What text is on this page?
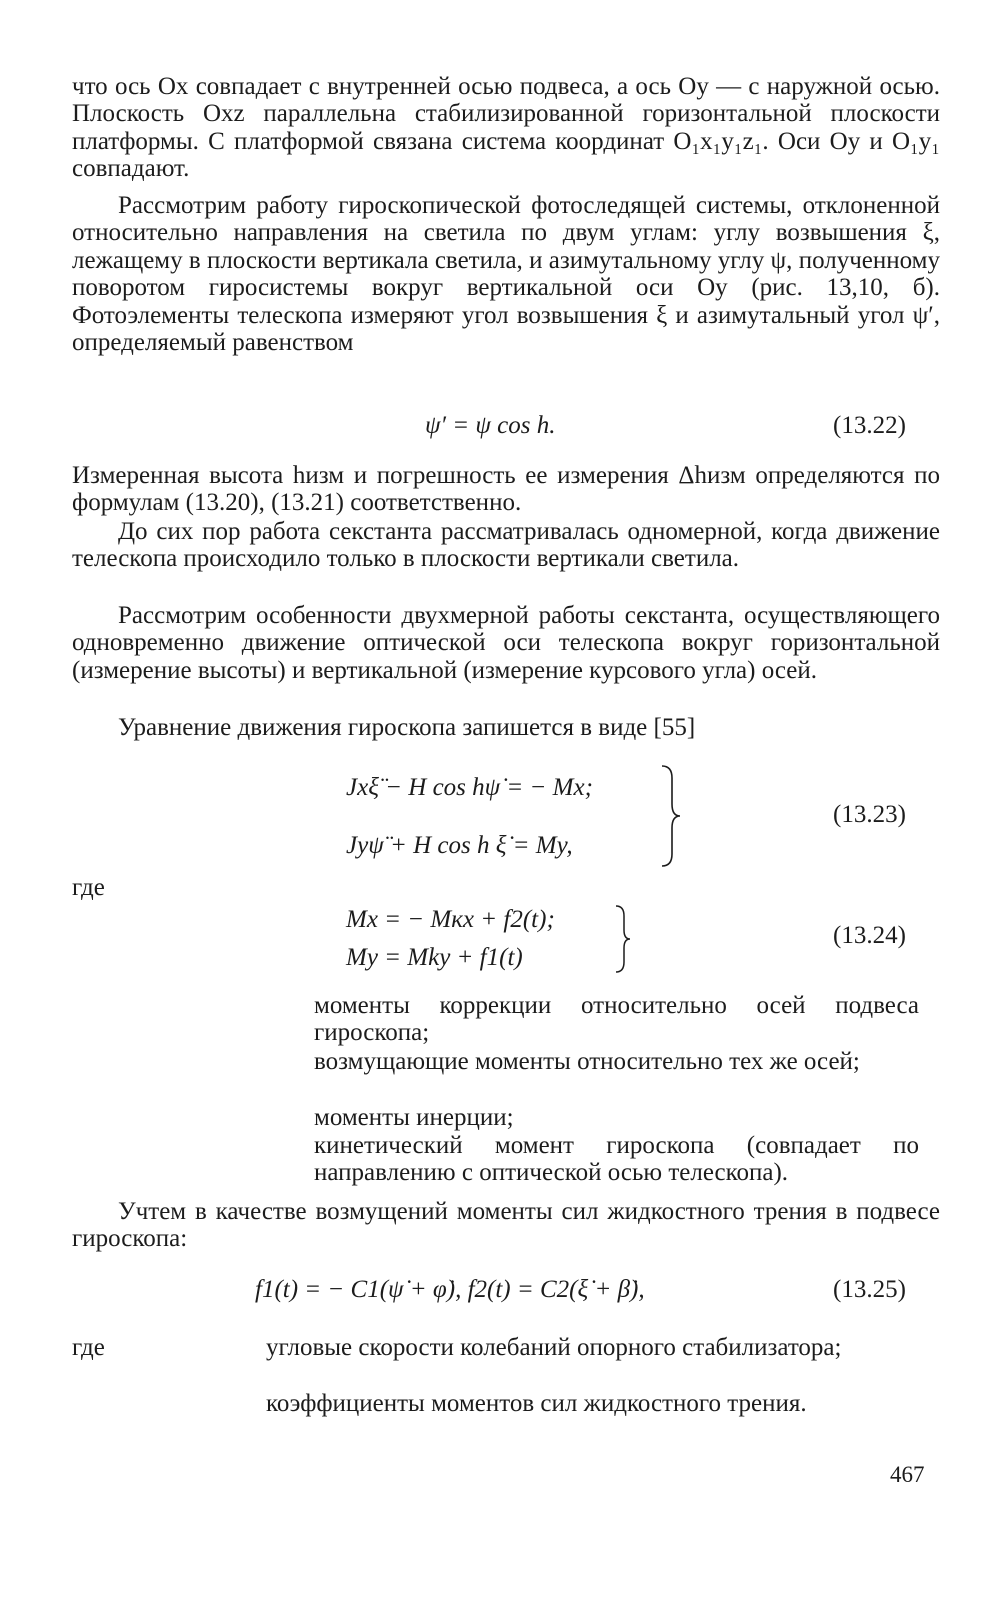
что ось Ox совпадает с внутренней осью подвеса, а ось Oy — с наружной осью. Плоскость Oxz параллельна стабилизированной горизонтальной плоскости платформы. С платформой связана система координат O₁x₁y₁z₁. Оси Oy и O₁y₁ совпадают.

Рассмотрим работу гироскопической фотоследящей системы, отклоненной относительно направления на светила по двум углам: углу возвышения ξ, лежащему в плоскости вертикала светила, и азимутальному углу ψ, полученному поворотом гиросистемы вокруг вертикальной оси Oy (рис. 13,10, б). Фотоэлементы телескопа измеряют угол возвышения ξ и азимутальный угол ψ′, определяемый равенством

ψ′ = ψ cos h.	(13.22)

Измеренная высота hизм и погрешность ее измерения Δhизм определяются по формулам (13.20), (13.21) соответственно.

До сих пор работа секстанта рассматривалась одномерной, когда движение телескопа происходило только в плоскости вертикали светила.

Рассмотрим особенности двухмерной работы секстанта, осуществляющего одновременно движение оптической оси телескопа вокруг горизонтальной (измерение высоты) и вертикальной (измерение курсового угла) осей.

Уравнение движения гироскопа запишется в виде [55]

Jxξ̈ − H cos hψ̇ = − Mx;
Jyψ̈ + H cos h ξ̇ = My,
(13.23)
где
Mx = − Mкx + f2(t);
My = Mky + f1(t)
(13.24)
моменты коррекции относительно осей подвеса гироскопа;
возмущающие моменты относительно тех же осей;
моменты инерции;
кинетический момент гироскопа (совпадает по направлению с оптической осью телескопа).

Учтем в качестве возмущений моменты сил жидкостного трения в подвесе гироскопа:

f1(t) = − C1(ψ̇ + φ̇), f2(t) = C2(ξ̇ + β̇),	(13.25)
где	угловые скорости колебаний опорного стабилизатора;
коэффициенты моментов сил жидкостного трения.
467
